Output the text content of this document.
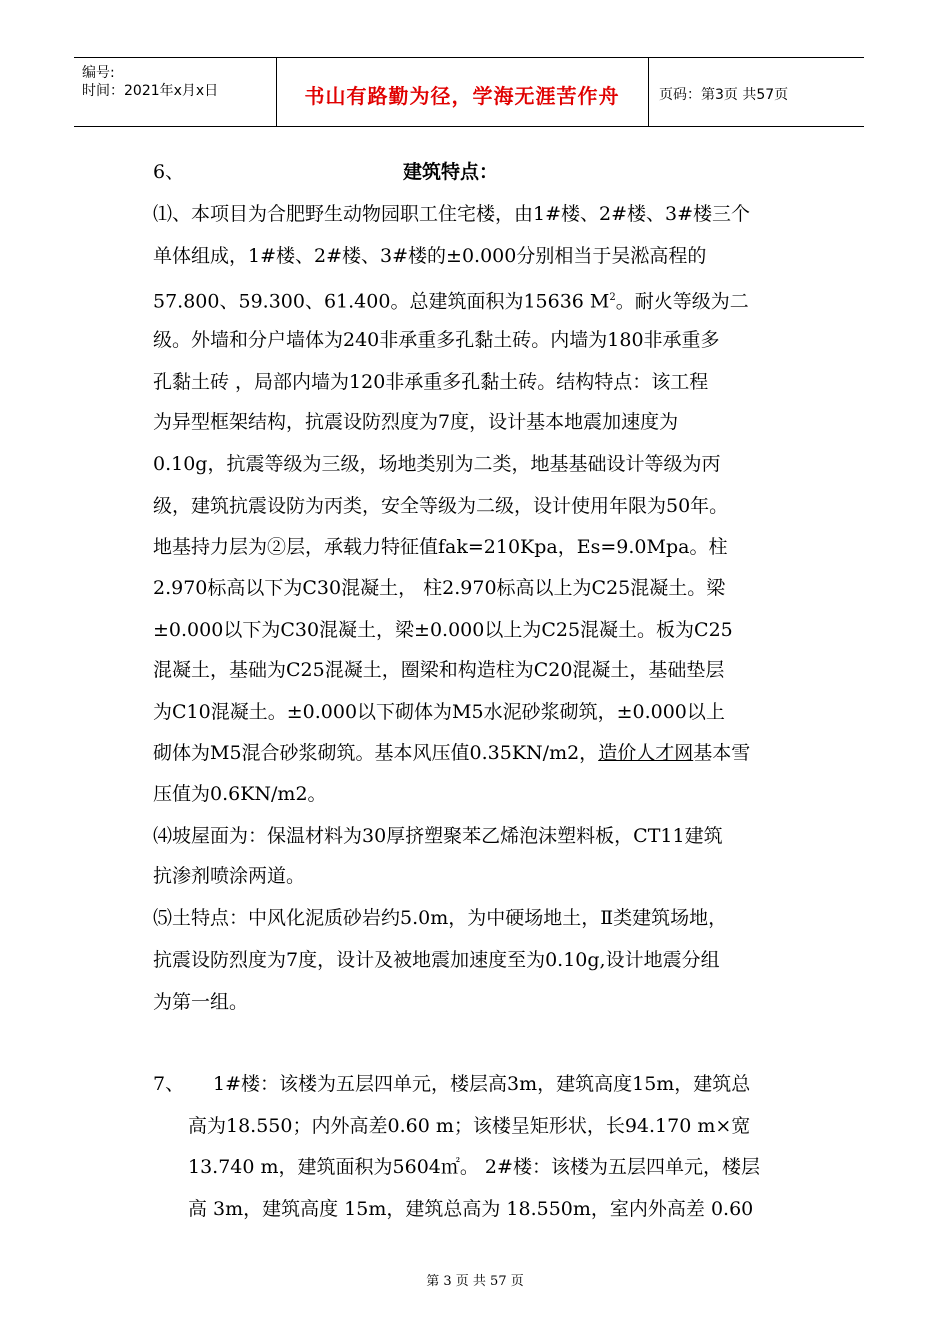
编号:
时间：2021年x月x日	书山有路勤为径，学海无涯苦作舟	页码：第3页 共57页
6、	建筑特点：
⑴、本项目为合肥野生动物园职工住宅楼，由1#楼、2#楼、3#楼三个
单体组成，1#楼、2#楼、3#楼的±0.000分别相当于吴淞高程的
57.800、59.300、61.400。总建筑面积为15636 $M^2$。耐火等级为二
级。外墙和分户墙体为240非承重多孔黏土砖。内墙为180非承重多
孔黏土砖 ，局部内墙为120非承重多孔黏土砖。结构特点：该工程
为异型框架结构，抗震设防烈度为7度，设计基本地震加速度为
0.10g，抗震等级为三级，场地类别为二类，地基基础设计等级为丙
级，建筑抗震设防为丙类，安全等级为二级，设计使用年限为50年。
地基持力层为②层，承载力特征值fak=210Kpa，Es=9.0Mpa。柱
2.970标高以下为C30混凝土， 柱2.970标高以上为C25混凝土。梁
±0.000以下为C30混凝土，梁±0.000以上为C25混凝土。板为C25
混凝土，基础为C25混凝土，圈梁和构造柱为C20混凝土，基础垫层
为C10混凝土。±0.000以下砌体为M5水泥砂浆砌筑，±0.000以上
砌体为M5混合砂浆砌筑。基本风压值0.35KN/m2，造价人才网基本雪
压值为0.6KN/m2。
⑷坡屋面为：保温材料为30厚挤塑聚苯乙烯泡沫塑料板，CT11建筑
抗渗剂喷涂两道。
⑸土特点：中风化泥质砂岩约5.0m，为中硬场地土，Ⅱ类建筑场地，
抗震设防烈度为7度，设计及被地震加速度至为0.10g,设计地震分组
为第一组。
7、 1#楼：该楼为五层四单元，楼层高3m，建筑高度15m，建筑总
高为18.550；内外高差0.60 m；该楼呈矩形状，长94.170 m×宽
13.740 m，建筑面积为5604㎡。 2#楼：该楼为五层四单元，楼层
高 3m，建筑高度 15m，建筑总高为 18.550m，室内外高差 0.60
第 3 页 共 57 页
